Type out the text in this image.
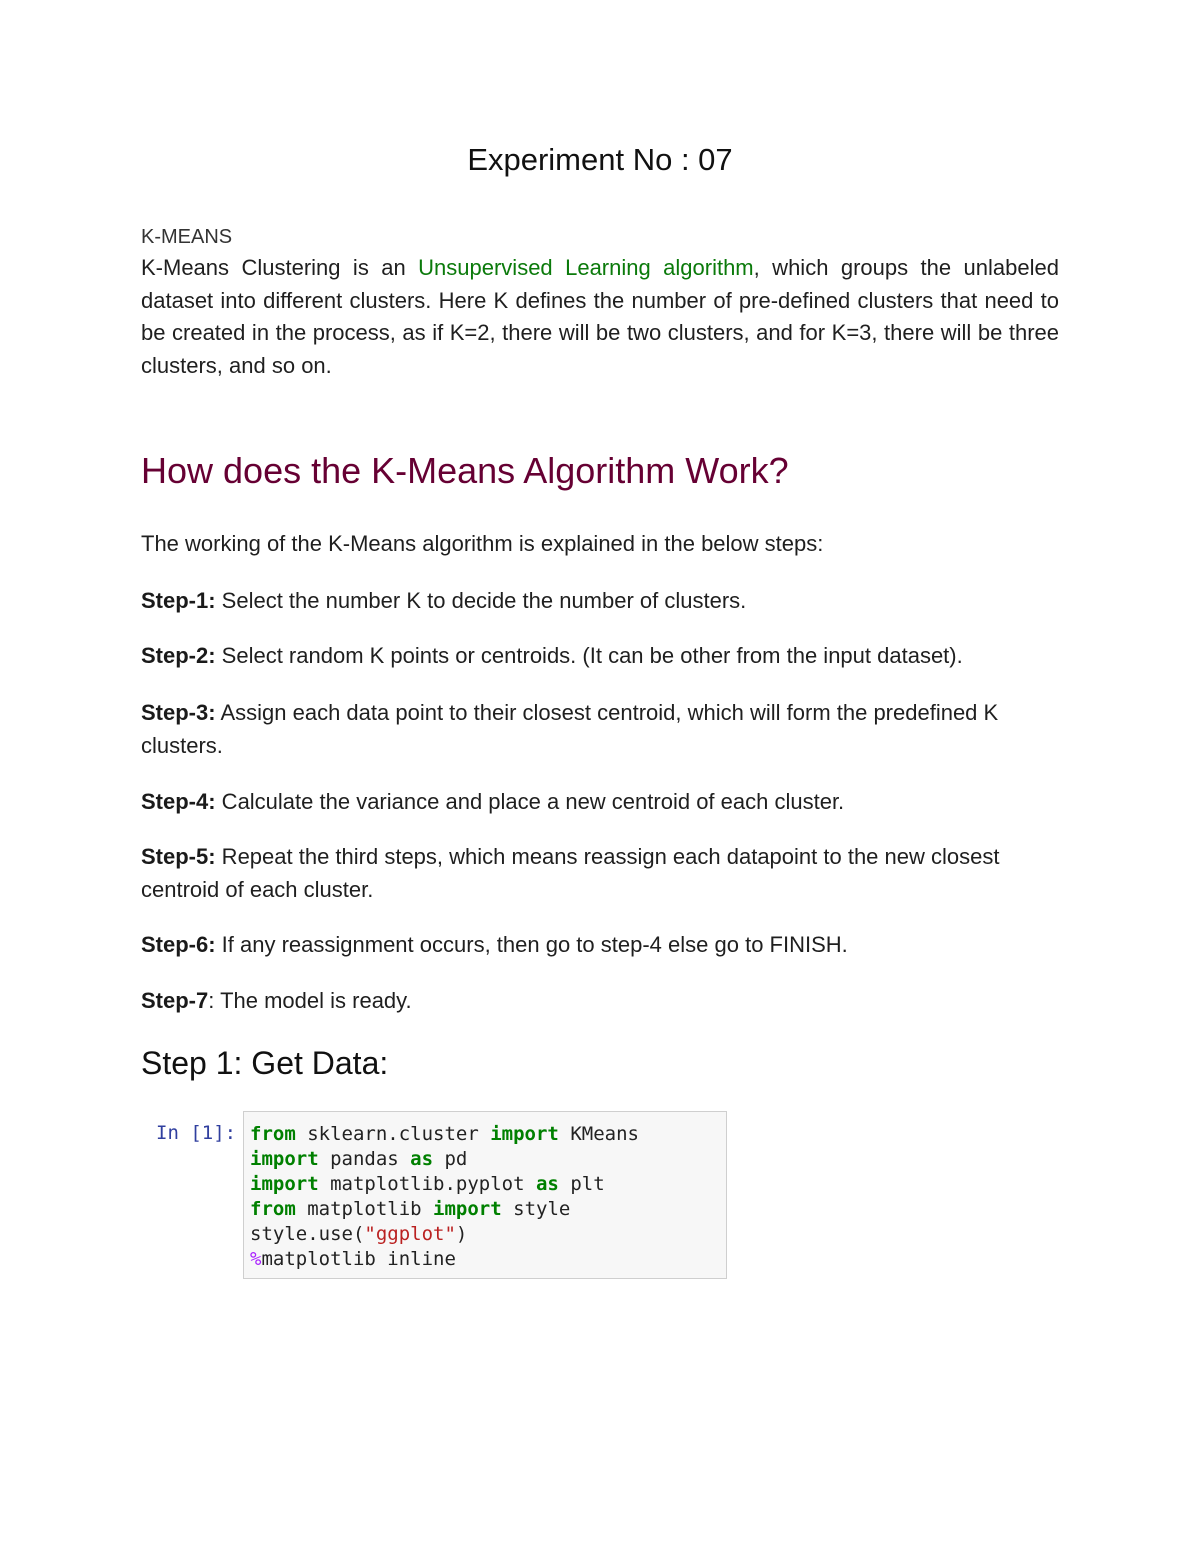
Experiment No : 07
K-MEANS

K-Means Clustering is an Unsupervised Learning algorithm, which groups the unlabeled dataset into different clusters. Here K defines the number of pre-defined clusters that need to be created in the process, as if K=2, there will be two clusters, and for K=3, there will be three clusters, and so on.

How does the K-Means Algorithm Work?

The working of the K-Means algorithm is explained in the below steps:

Step-1: Select the number K to decide the number of clusters.

Step-2: Select random K points or centroids. (It can be other from the input dataset).

Step-3: Assign each data point to their closest centroid, which will form the predefined K clusters.

Step-4: Calculate the variance and place a new centroid of each cluster.

Step-5: Repeat the third steps, which means reassign each datapoint to the new closest centroid of each cluster.

Step-6: If any reassignment occurs, then go to step-4 else go to FINISH.

Step-7: The model is ready.

Step 1: Get Data:
In [1]: from sklearn.cluster import KMeans
import pandas as pd
import matplotlib.pyplot as plt
from matplotlib import style
style.use("ggplot")
%matplotlib inline
